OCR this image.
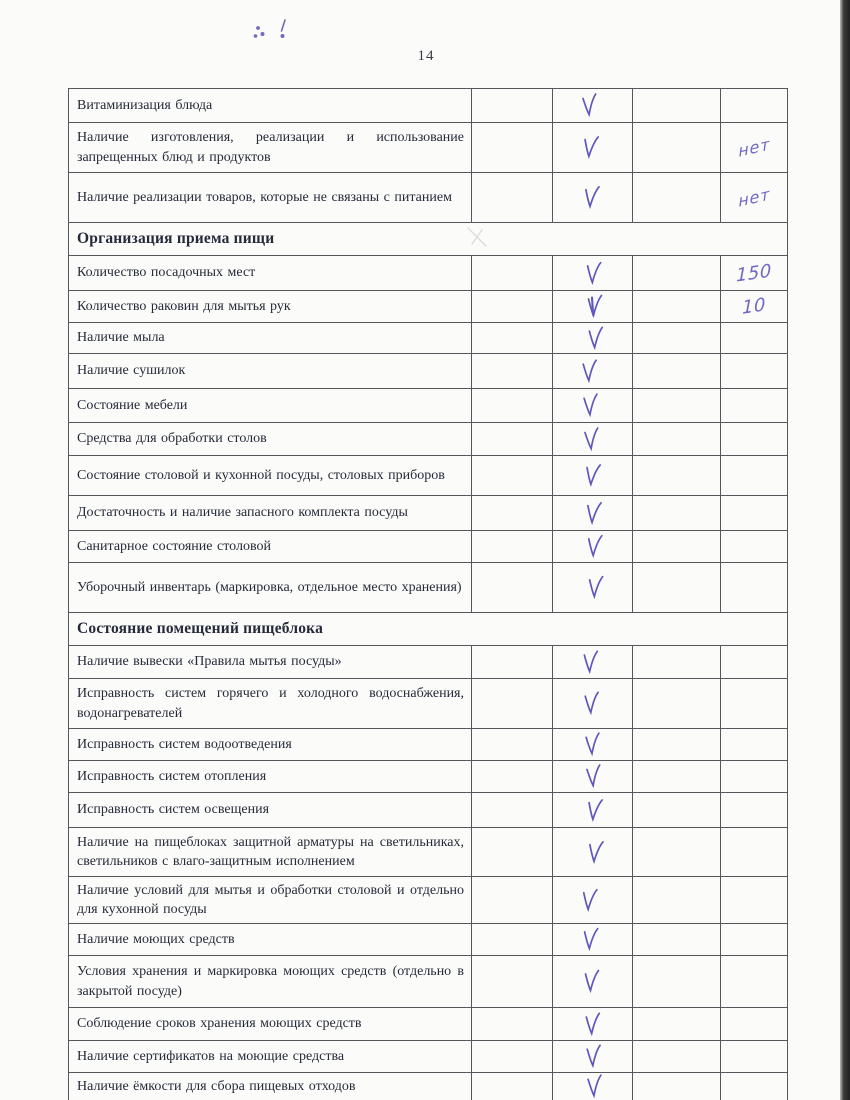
14
Витаминизация блюда				
Наличие изготовления, реализации и использование запрещенных блюд и продуктов				нет
Наличие реализации товаров, которые не связаны с питанием				нет
Организация приема пищи				
Количество посадочных мест				150
Количество раковин для мытья рук				10
Наличие мыла				
Наличие сушилок				
Состояние мебели				
Средства для обработки столов				
Состояние столовой и кухонной посуды, столовых приборов				
Достаточность и наличие запасного комплекта посуды				
Санитарное состояние столовой				
Уборочный инвентарь (маркировка, отдельное место хранения)				
Состояние помещений пищеблока				
Наличие вывески «Правила мытья посуды»				
Исправность систем горячего и холодного водоснабжения, водонагревателей				
Исправность систем водоотведения				
Исправность систем отопления				
Исправность систем освещения				
Наличие на пищеблоках защитной арматуры на светильниках, светильников с влаго-защитным исполнением				
Наличие условий для мытья и обработки столовой и отдельно для кухонной посуды				
Наличие моющих средств				
Условия хранения и маркировка моющих средств (отдельно в закрытой посуде)				
Соблюдение сроков хранения моющих средств				
Наличие сертификатов на моющие средства				
Наличие ёмкости для сбора пищевых отходов				
